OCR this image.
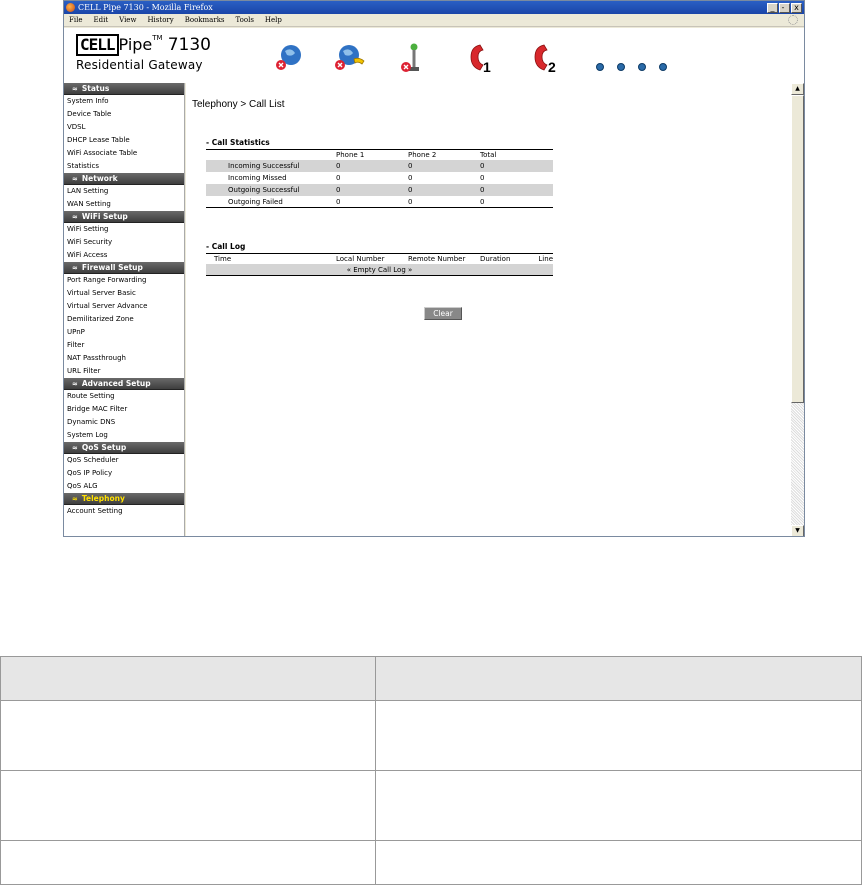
CELL Pipe 7130 - Mozilla Firefox	_	x
File Edit View History Bookmarks Tools Help
CELL Pipe™ 7130
Residential Gateway	1	2
≈ Status
System Info
Device Table
VDSL
DHCP Lease Table
WiFi Associate Table
Statistics
≈ Network
LAN Setting
WAN Setting
≈ WiFi Setup
WiFi Setting
WiFi Security
WiFi Access
≈ Firewall Setup
Port Range Forwarding
Virtual Server Basic
Virtual Server Advance
Demilitarized Zone
UPnP
Filter
NAT Passthrough
URL Filter
≈ Advanced Setup
Route Setting
Bridge MAC Filter
Dynamic DNS
System Log
≈ QoS Setup
QoS Scheduler
QoS IP Policy
QoS ALG
≈ Telephony
Account Setting
Telephony > Call List
- Call Statistics
Phone 1	Phone 2	Total
Incoming Successful	0	0	0
Incoming Missed	0	0	0
Outgoing Successful	0	0	0
Outgoing Failed	0	0	0
- Call Log
Time	Local Number	Remote Number	Duration	Line
« Empty Call Log »
Clear
▲
▼
